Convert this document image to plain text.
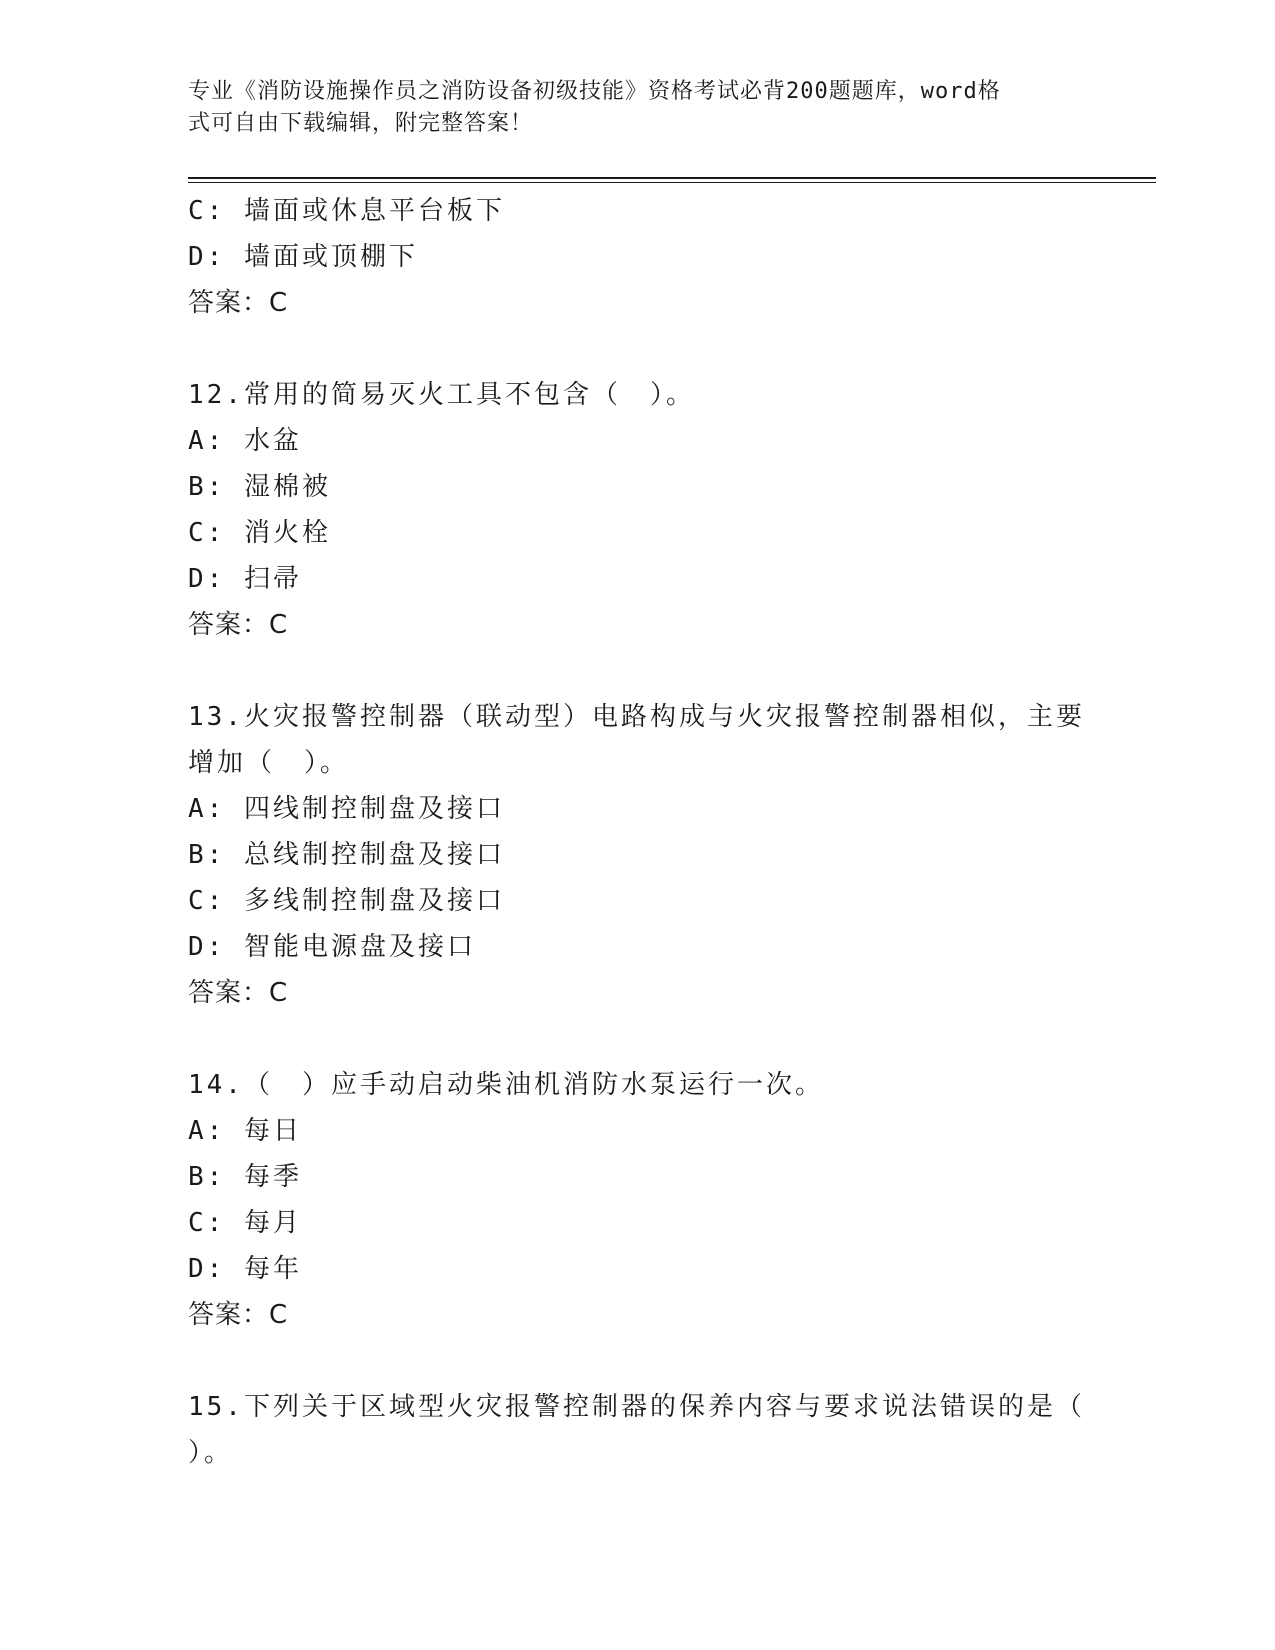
专业《消防设施操作员之消防设备初级技能》资格考试必背200题题库，word格
式可自由下载编辑，附完整答案！
C: 墙面或休息平台板下
D: 墙面或顶棚下
答案：C
12.常用的简易灭火工具不包含（　）。
A: 水盆
B: 湿棉被
C: 消火栓
D: 扫帚
答案：C
13.火灾报警控制器（联动型）电路构成与火灾报警控制器相似，主要
增加（　）。
A: 四线制控制盘及接口
B: 总线制控制盘及接口
C: 多线制控制盘及接口
D: 智能电源盘及接口
答案：C
14.（　）应手动启动柴油机消防水泵运行一次。
A: 每日
B: 每季
C: 每月
D: 每年
答案：C
15.下列关于区域型火灾报警控制器的保养内容与要求说法错误的是（
）。
